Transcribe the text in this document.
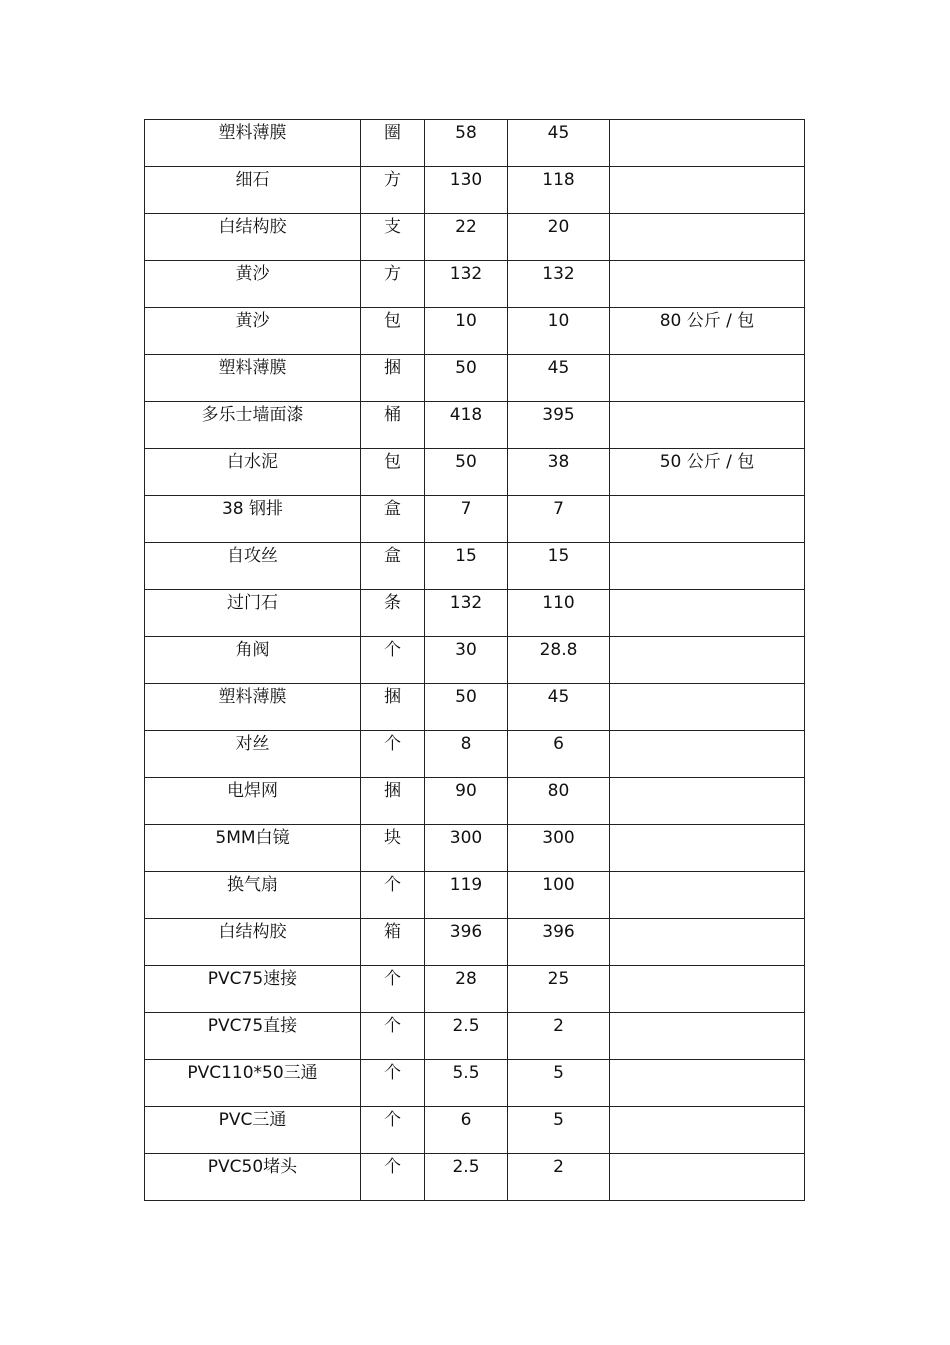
塑料薄膜	圈	58	45	

细石	方	130	118	

白结构胶	支	22	20	

黄沙	方	132	132	

黄沙	包	10	10	80 公斤 / 包

塑料薄膜	捆	50	45	

多乐士墙面漆	桶	418	395	

白水泥	包	50	38	50 公斤 / 包

38 钢排	盒	7	7	

自攻丝	盒	15	15	

过门石	条	132	110	

角阀	个	30	28.8	

塑料薄膜	捆	50	45	

对丝	个	8	6	

电焊网	捆	90	80	

5MM白镜	块	300	300	

换气扇	个	119	100	

白结构胶	箱	396	396	

PVC75速接	个	28	25	

PVC75直接	个	2.5	2	

PVC110*50三通	个	5.5	5	

PVC三通	个	6	5	

PVC50堵头	个	2.5	2	
